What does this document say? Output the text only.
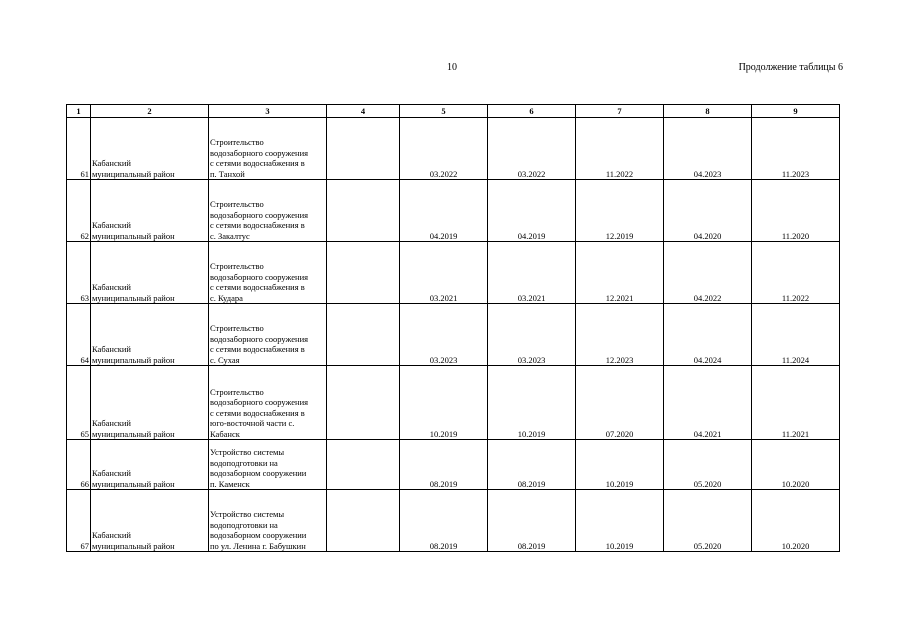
10	Продолжение таблицы 6
1	2	3	4	5	6	7	8	9
61	Кабанский
муниципальный район	Строительство
водозаборного сооружения
с сетями водоснабжения в
п. Танхой		03.2022	03.2022	11.2022	04.2023	11.2023
62	Кабанский
муниципальный район	Строительство
водозаборного сооружения
с сетями водоснабжения в
с. Закалтус		04.2019	04.2019	12.2019	04.2020	11.2020
63	Кабанский
муниципальный район	Строительство
водозаборного сооружения
с сетями водоснабжения в
с. Кудара		03.2021	03.2021	12.2021	04.2022	11.2022
64	Кабанский
муниципальный район	Строительство
водозаборного сооружения
с сетями водоснабжения в
с. Сухая		03.2023	03.2023	12.2023	04.2024	11.2024
65	Кабанский
муниципальный район	Строительство
водозаборного сооружения
с сетями водоснабжения в
юго-восточной части с.
Кабанск		10.2019	10.2019	07.2020	04.2021	11.2021
66	Кабанский
муниципальный район	Устройство системы
водоподготовки на
водозаборном сооружении
п. Каменск		08.2019	08.2019	10.2019	05.2020	10.2020
67	Кабанский
муниципальный район	Устройство системы
водоподготовки на
водозаборном сооружении
по ул. Ленина г. Бабушкин		08.2019	08.2019	10.2019	05.2020	10.2020
